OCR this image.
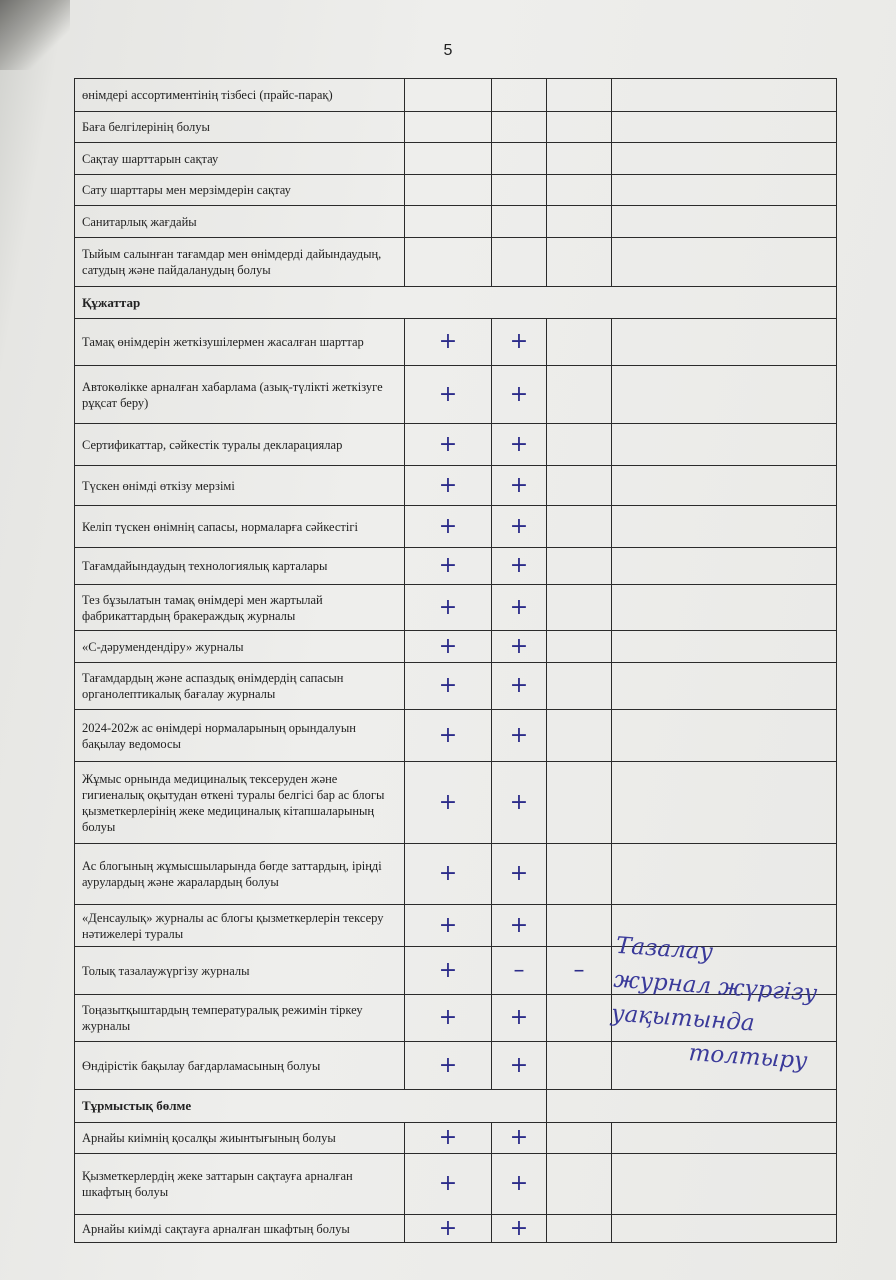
5
өнімдері ассортиментінің тізбесі (прайс-парақ)				
Баға белгілерінің болуы				
Сақтау шарттарын сақтау				
Сату шарттары мен мерзімдерін сақтау				
Санитарлық жағдайы				
Тыйым салынған тағамдар мен өнімдерді дайындаудың, сатудың және пайдаланудың болуы				
Құжаттар				
Тамақ өнімдерін жеткізушілермен жасалған шарттар	+	+		
Автокөлікке арналған хабарлама (азық-түлікті жеткізуге рұқсат беру)	+	+		
Сертификаттар, сәйкестік туралы декларациялар	+	+		
Түскен өнімді өткізу мерзімі	+	+		
Келіп түскен өнімнің сапасы, нормаларға сәйкестігі	+	+		
Тағамдайындаудың технологиялық карталары	+	+		
Тез бұзылатын тамақ өнімдері мен жартылай фабрикаттардың бракераждық журналы	+	+		
«С-дәрумендендіру» журналы	+	+		
Тағамдардың және аспаздық өнімдердің сапасын органолептикалық бағалау журналы	+	+		
2024-202ж ас өнімдері нормаларының орындалуын бақылау ведомосы	+	+		
Жұмыс орнында медициналық тексеруден және гигиеналық оқытудан өткені туралы белгісі бар ас блогы қызметкерлерінің жеке медициналық кітапшаларының болуы	+	+		
Ас блогының жұмысшыларында бөгде заттардың, іріңді аурулардың және жаралардың болуы	+	+		
«Денсаулық» журналы ас блогы қызметкерлерін тексеру нәтижелері туралы	+	+		
Толық тазалаужүргізу журналы	+	–	–	
Тоңазытқыштардың температуралық режимін тіркеу журналы	+	+		
Өндірістік бақылау бағдарламасының болуы	+	+		
Тұрмыстық бөлме				
Арнайы киімнің қосалқы жиынтығының болуы	+	+		
Қызметкерлердің жеке заттарын сақтауға арналған шкафтың болуы	+	+		
Арнайы киімді сақтауға арналған шкафтың болуы	+	+		
Тазалау
журнал жүргізу
уақытында
толтыру
